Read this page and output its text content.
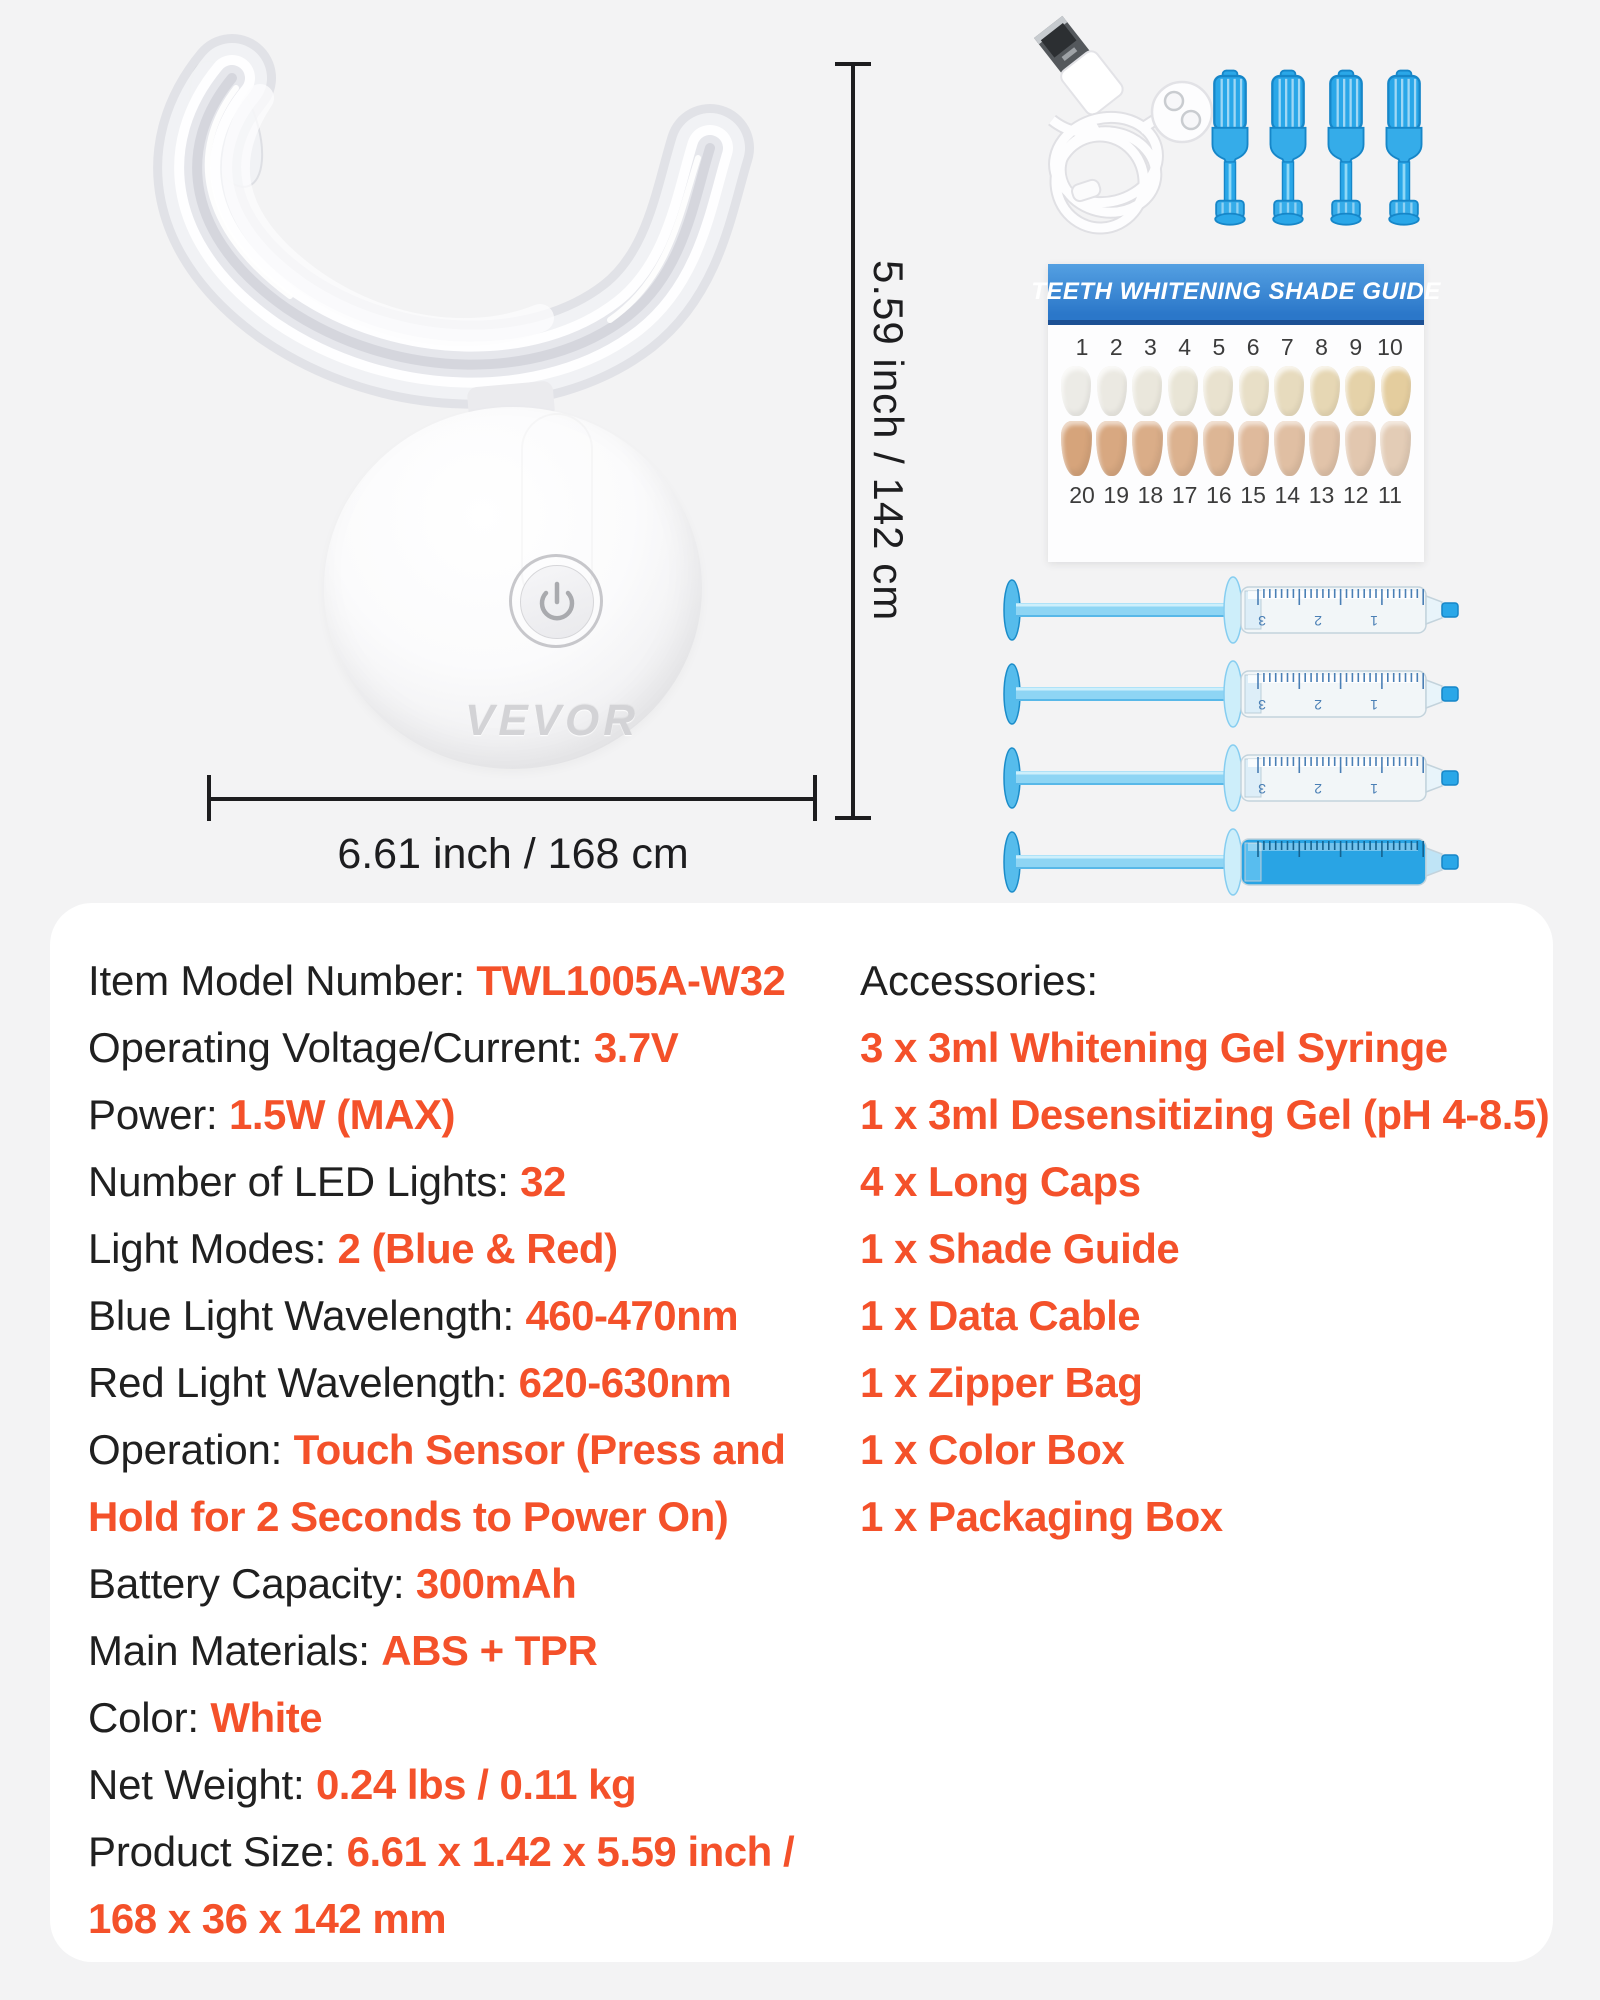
VEVOR
5.59 inch / 142 cm
6.61 inch / 168 cm
TEETH WHITENING SHADE GUIDE
1 2 3 4 5 6 7 8 9 10
20 19 18 17 16 15 14 13 12 11
3	2	1
3	2	1
3	2	1
Item Model Number: TWL1005A-W32
Operating Voltage/Current: 3.7V
Power: 1.5W (MAX)
Number of LED Lights: 32
Light Modes: 2 (Blue & Red)
Blue Light Wavelength: 460-470nm
Red Light Wavelength: 620-630nm
Operation: Touch Sensor (Press and Hold for 2 Seconds to Power On)
Battery Capacity: 300mAh
Main Materials: ABS + TPR
Color: White
Net Weight: 0.24 lbs / 0.11 kg
Product Size: 6.61 x 1.42 x 5.59 inch / 168 x 36 x 142 mm
Accessories:
3 x 3ml Whitening Gel Syringe
1 x 3ml Desensitizing Gel (pH 4-8.5)
4 x Long Caps
1 x Shade Guide
1 x Data Cable
1 x Zipper Bag
1 x Color Box
1 x Packaging Box
